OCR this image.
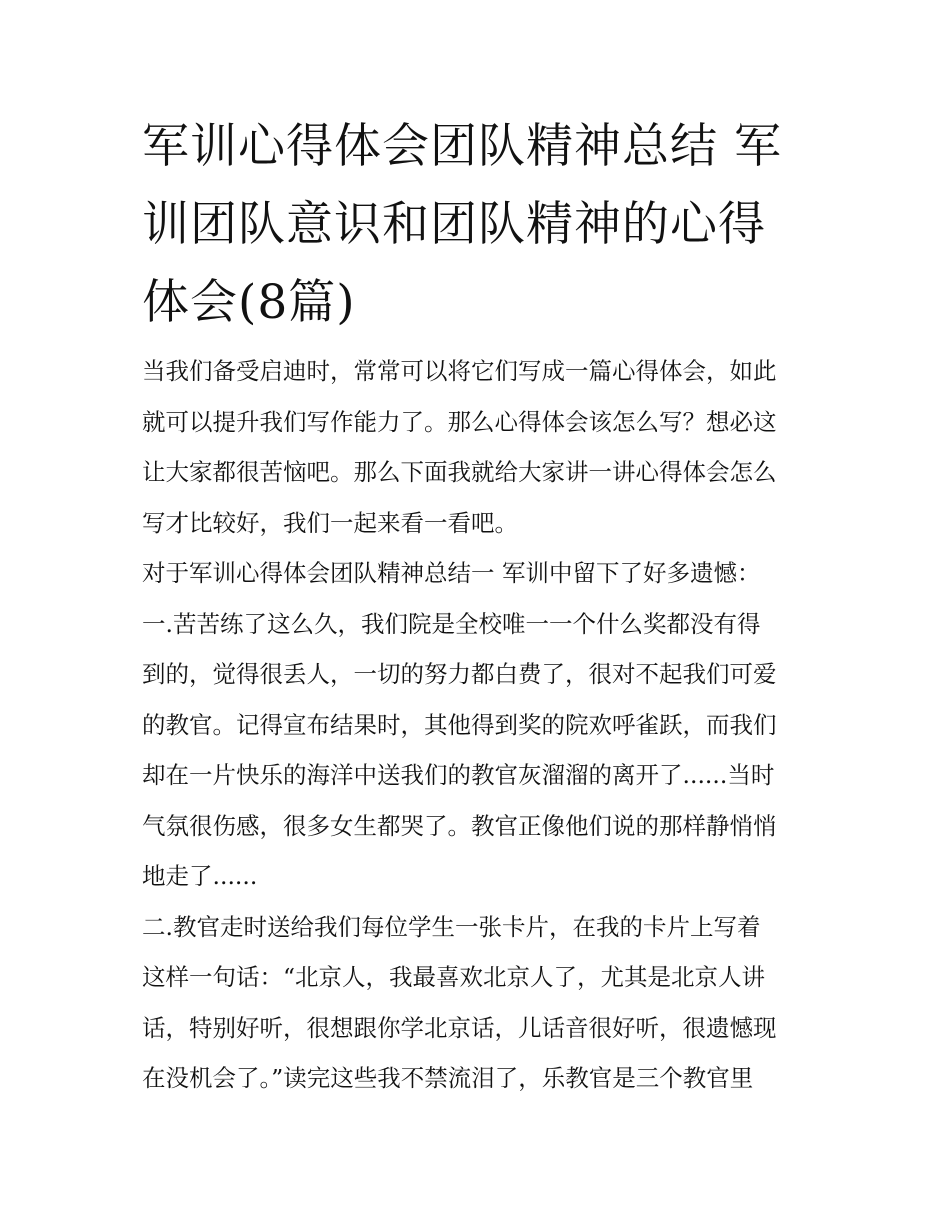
军训心得体会团队精神总结 军
训团队意识和团队精神的心得
体会(8篇)

当我们备受启迪时，常常可以将它们写成一篇心得体会，如此
就可以提升我们写作能力了。那么心得体会该怎么写？想必这
让大家都很苦恼吧。那么下面我就给大家讲一讲心得体会怎么
写才比较好，我们一起来看一看吧。

对于军训心得体会团队精神总结一 军训中留下了好多遗憾：

一.苦苦练了这么久，我们院是全校唯一一个什么奖都没有得
到的，觉得很丢人，一切的努力都白费了，很对不起我们可爱
的教官。记得宣布结果时，其他得到奖的院欢呼雀跃，而我们
却在一片快乐的海洋中送我们的教官灰溜溜的离开了......当时
气氛很伤感，很多女生都哭了。教官正像他们说的那样静悄悄
地走了......

二.教官走时送给我们每位学生一张卡片，在我的卡片上写着
这样一句话：“北京人，我最喜欢北京人了，尤其是北京人讲
话，特别好听，很想跟你学北京话，儿话音很好听，很遗憾现
在没机会了。”读完这些我不禁流泪了，乐教官是三个教官里
